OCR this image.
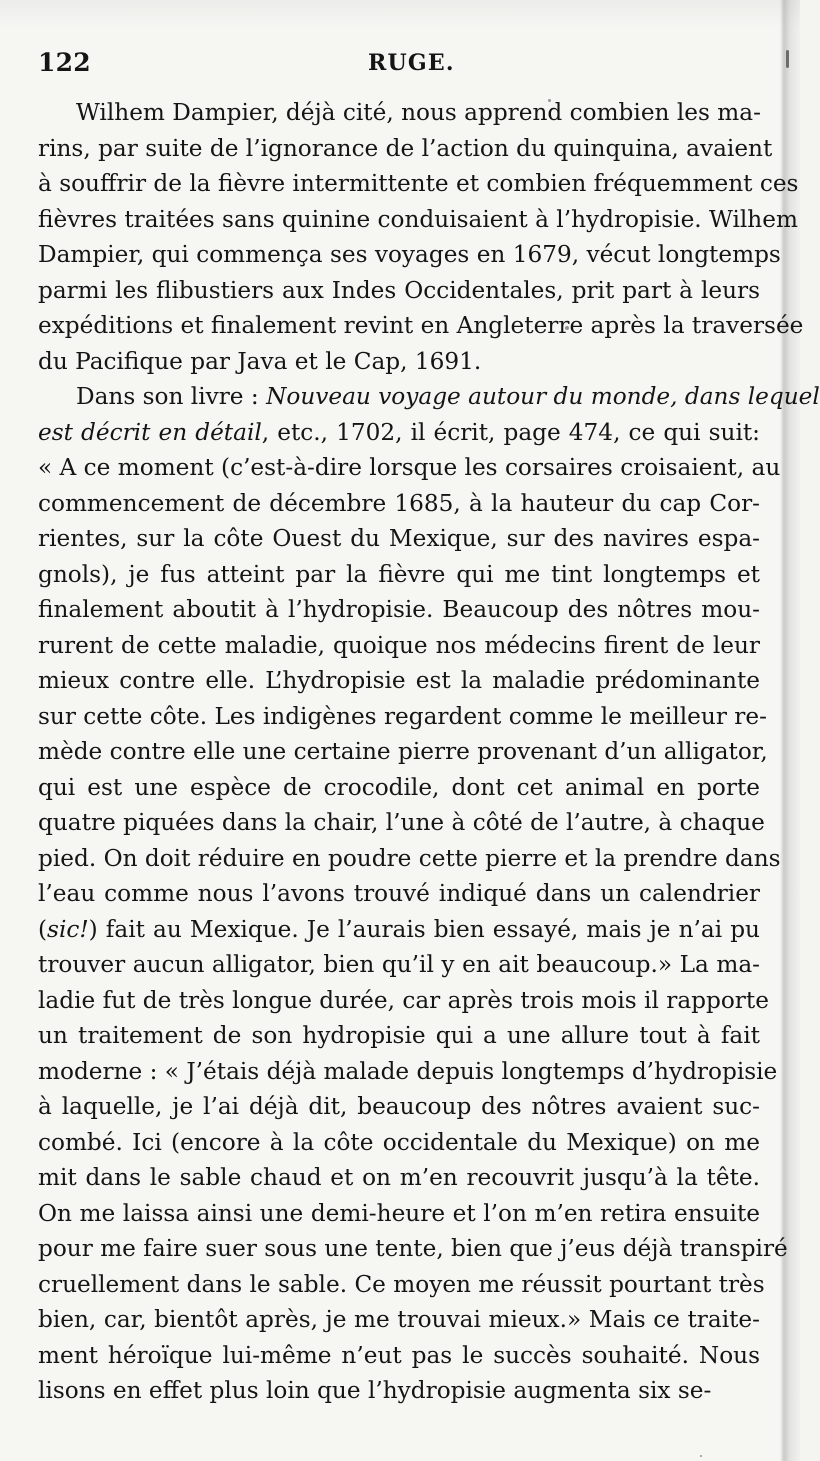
122	RUGE.
Wilhem Dampier, déjà cité, nous apprend combien les ma-
rins, par suite de l’ignorance de l’action du quinquina, avaient
à souffrir de la fièvre intermittente et combien fréquemment ces
fièvres traitées sans quinine conduisaient à l’hydropisie. Wilhem
Dampier, qui commença ses voyages en 1679, vécut longtemps
parmi les flibustiers aux Indes Occidentales, prit part à leurs
expéditions et finalement revint en Angleterre après la traversée
du Pacifique par Java et le Cap, 1691.
Dans son livre : Nouveau voyage autour du monde, dans lequel
est décrit en détail, etc., 1702, il écrit, page 474, ce qui suit:
« A ce moment (c’est-à-dire lorsque les corsaires croisaient, au
commencement de décembre 1685, à la hauteur du cap Cor-
rientes, sur la côte Ouest du Mexique, sur des navires espa-
gnols), je fus atteint par la fièvre qui me tint longtemps et
finalement aboutit à l’hydropisie. Beaucoup des nôtres mou-
rurent de cette maladie, quoique nos médecins firent de leur
mieux contre elle. L’hydropisie est la maladie prédominante
sur cette côte. Les indigènes regardent comme le meilleur re-
mède contre elle une certaine pierre provenant d’un alligator,
qui est une espèce de crocodile, dont cet animal en porte
quatre piquées dans la chair, l’une à côté de l’autre, à chaque
pied. On doit réduire en poudre cette pierre et la prendre dans
l’eau comme nous l’avons trouvé indiqué dans un calendrier
(sic!) fait au Mexique. Je l’aurais bien essayé, mais je n’ai pu
trouver aucun alligator, bien qu’il y en ait beaucoup.» La ma-
ladie fut de très longue durée, car après trois mois il rapporte
un traitement de son hydropisie qui a une allure tout à fait
moderne : « J’étais déjà malade depuis longtemps d’hydropisie
à laquelle, je l’ai déjà dit, beaucoup des nôtres avaient suc-
combé. Ici (encore à la côte occidentale du Mexique) on me
mit dans le sable chaud et on m’en recouvrit jusqu’à la tête.
On me laissa ainsi une demi-heure et l’on m’en retira ensuite
pour me faire suer sous une tente, bien que j’eus déjà transpiré
cruellement dans le sable. Ce moyen me réussit pourtant très
bien, car, bientôt après, je me trouvai mieux.» Mais ce traite-
ment héroïque lui-même n’eut pas le succès souhaité. Nous
lisons en effet plus loin que l’hydropisie augmenta six se-
